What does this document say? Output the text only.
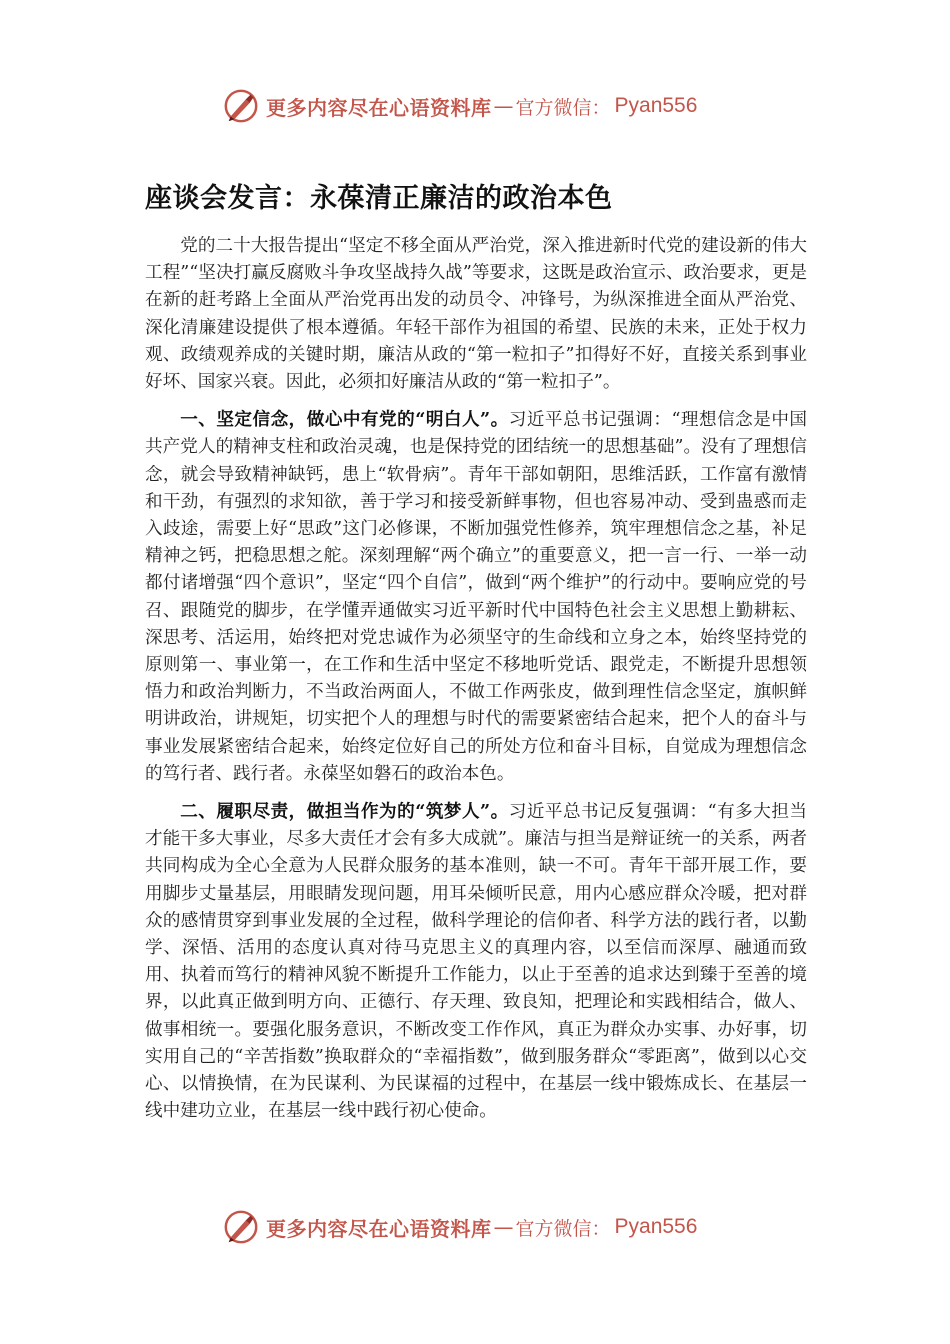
更多内容尽在心语资料库 — 官方微信： Pyan556
座谈会发言：永葆清正廉洁的政治本色

党的二十大报告提出“坚定不移全面从严治党，深入推进新时代党的建设新的伟大工程”“坚决打赢反腐败斗争攻坚战持久战”等要求，这既是政治宣示、政治要求，更是在新的赶考路上全面从严治党再出发的动员令、冲锋号，为纵深推进全面从严治党、深化清廉建设提供了根本遵循。年轻干部作为祖国的希望、民族的未来，正处于权力观、政绩观养成的关键时期，廉洁从政的“第一粒扣子”扣得好不好，直接关系到事业好坏、国家兴衰。因此，必须扣好廉洁从政的“第一粒扣子”。

一、坚定信念，做心中有党的“明白人”。习近平总书记强调：“理想信念是中国共产党人的精神支柱和政治灵魂，也是保持党的团结统一的思想基础”。没有了理想信念，就会导致精神缺钙，患上“软骨病”。青年干部如朝阳，思维活跃，工作富有激情和干劲，有强烈的求知欲，善于学习和接受新鲜事物，但也容易冲动、受到蛊惑而走入歧途，需要上好“思政”这门必修课，不断加强党性修养，筑牢理想信念之基，补足精神之钙，把稳思想之舵。深刻理解“两个确立”的重要意义，把一言一行、一举一动都付诸增强“四个意识”，坚定“四个自信”，做到“两个维护”的行动中。要响应党的号召、跟随党的脚步，在学懂弄通做实习近平新时代中国特色社会主义思想上勤耕耘、深思考、活运用，始终把对党忠诚作为必须坚守的生命线和立身之本，始终坚持党的原则第一、事业第一，在工作和生活中坚定不移地听党话、跟党走，不断提升思想领悟力和政治判断力，不当政治两面人，不做工作两张皮，做到理性信念坚定，旗帜鲜明讲政治，讲规矩，切实把个人的理想与时代的需要紧密结合起来，把个人的奋斗与事业发展紧密结合起来，始终定位好自己的所处方位和奋斗目标，自觉成为理想信念的笃行者、践行者。永葆坚如磐石的政治本色。

二、履职尽责，做担当作为的“筑梦人”。习近平总书记反复强调：“有多大担当才能干多大事业，尽多大责任才会有多大成就”。廉洁与担当是辩证统一的关系，两者共同构成为全心全意为人民群众服务的基本准则，缺一不可。青年干部开展工作，要用脚步丈量基层，用眼睛发现问题，用耳朵倾听民意，用内心感应群众冷暖，把对群众的感情贯穿到事业发展的全过程，做科学理论的信仰者、科学方法的践行者，以勤学、深悟、活用的态度认真对待马克思主义的真理内容，以至信而深厚、融通而致用、执着而笃行的精神风貌不断提升工作能力，以止于至善的追求达到臻于至善的境界，以此真正做到明方向、正德行、存天理、致良知，把理论和实践相结合，做人、做事相统一。要强化服务意识，不断改变工作作风，真正为群众办实事、办好事，切实用自己的“辛苦指数”换取群众的“幸福指数”，做到服务群众“零距离”，做到以心交心、以情换情，在为民谋利、为民谋福的过程中，在基层一线中锻炼成长、在基层一线中建功立业，在基层一线中践行初心使命。

更多内容尽在心语资料库 — 官方微信： Pyan556
